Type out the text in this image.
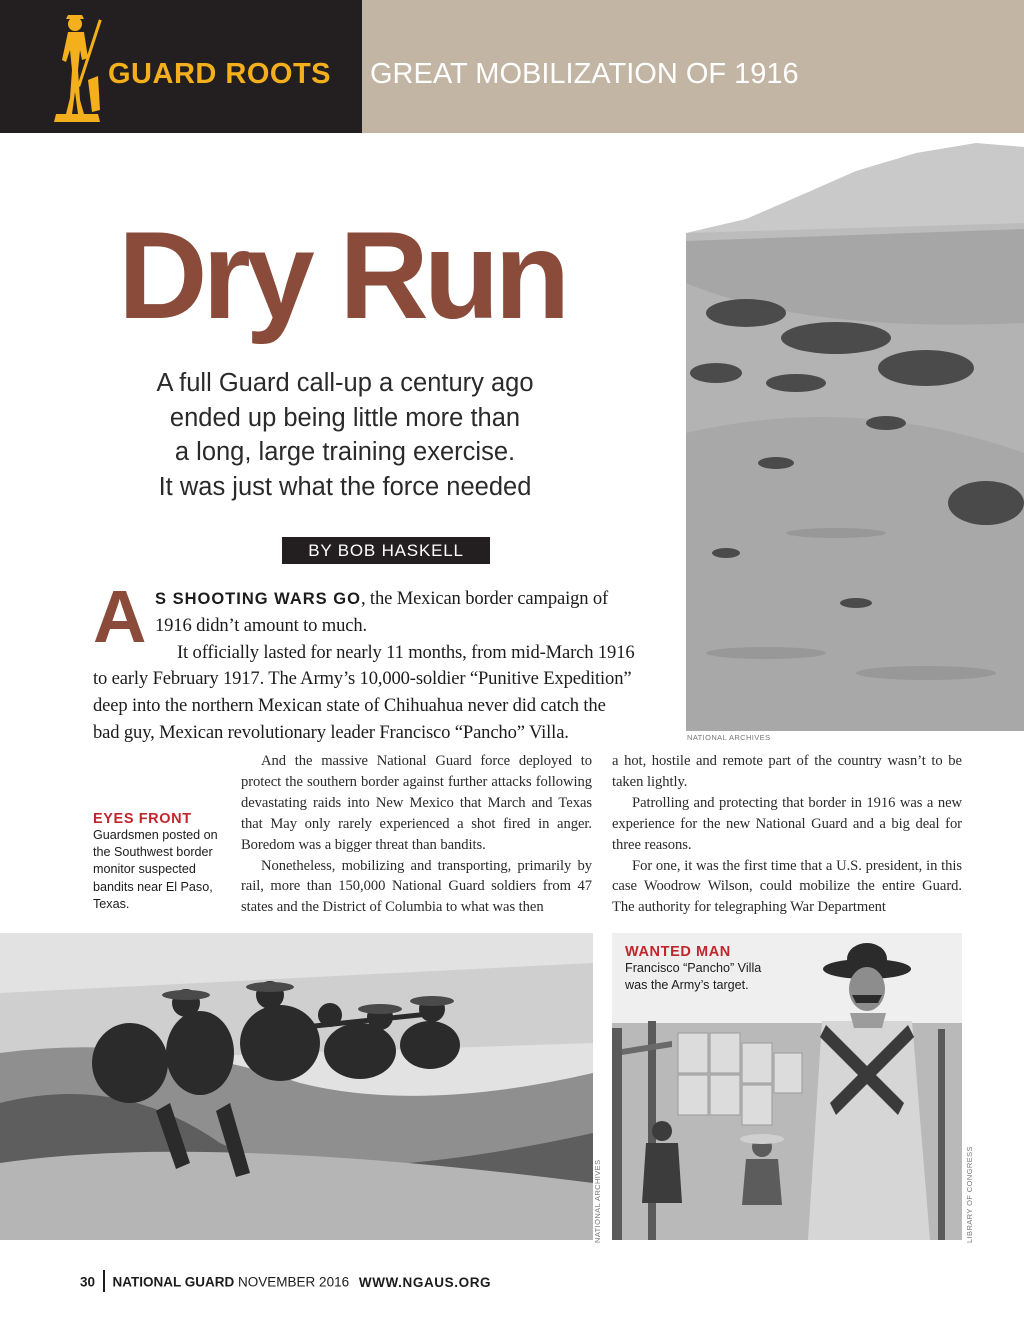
GUARD ROOTS GREAT MOBILIZATION OF 1916
NATIONAL ARCHIVES
Dry Run
A full Guard call-up a century ago
ended up being little more than
a long, large training exercise.
It was just what the force needed
BY BOB HASKELL
A S SHOOTING WARS GO, the Mexican border campaign of
1916 didn’t amount to much.
It officially lasted for nearly 11 months, from mid-March 1916
to early February 1917. The Army’s 10,000-soldier “Punitive Expedition”
deep into the northern Mexican state of Chihuahua never did catch the
bad guy, Mexican revolutionary leader Francisco “Pancho” Villa.
EYES FRONT
Guardsmen posted on the Southwest border monitor suspected bandits near El Paso, Texas.

And the massive National Guard force deployed to protect the southern border against further attacks following devastating raids into New Mexico that March and Texas that May only rarely experienced a shot fired in anger. Boredom was a bigger threat than bandits.

Nonetheless, mobilizing and transporting, primarily by rail, more than 150,000 National Guard soldiers from 47 states and the District of Columbia to what was then

a hot, hostile and remote part of the country wasn’t to be taken lightly.

Patrolling and protecting that border in 1916 was a new experience for the new National Guard and a big deal for three reasons.

For one, it was the first time that a U.S. president, in this case Woodrow Wilson, could mobilize the entire Guard. The authority for telegraphing War Department

NATIONAL ARCHIVES
WANTED MAN
Francisco “Pancho” Villa was the Army’s target.
LIBRARY OF CONGRESS
30 NATIONAL GUARD NOVEMBER 2016 WWW.NGAUS.ORG
